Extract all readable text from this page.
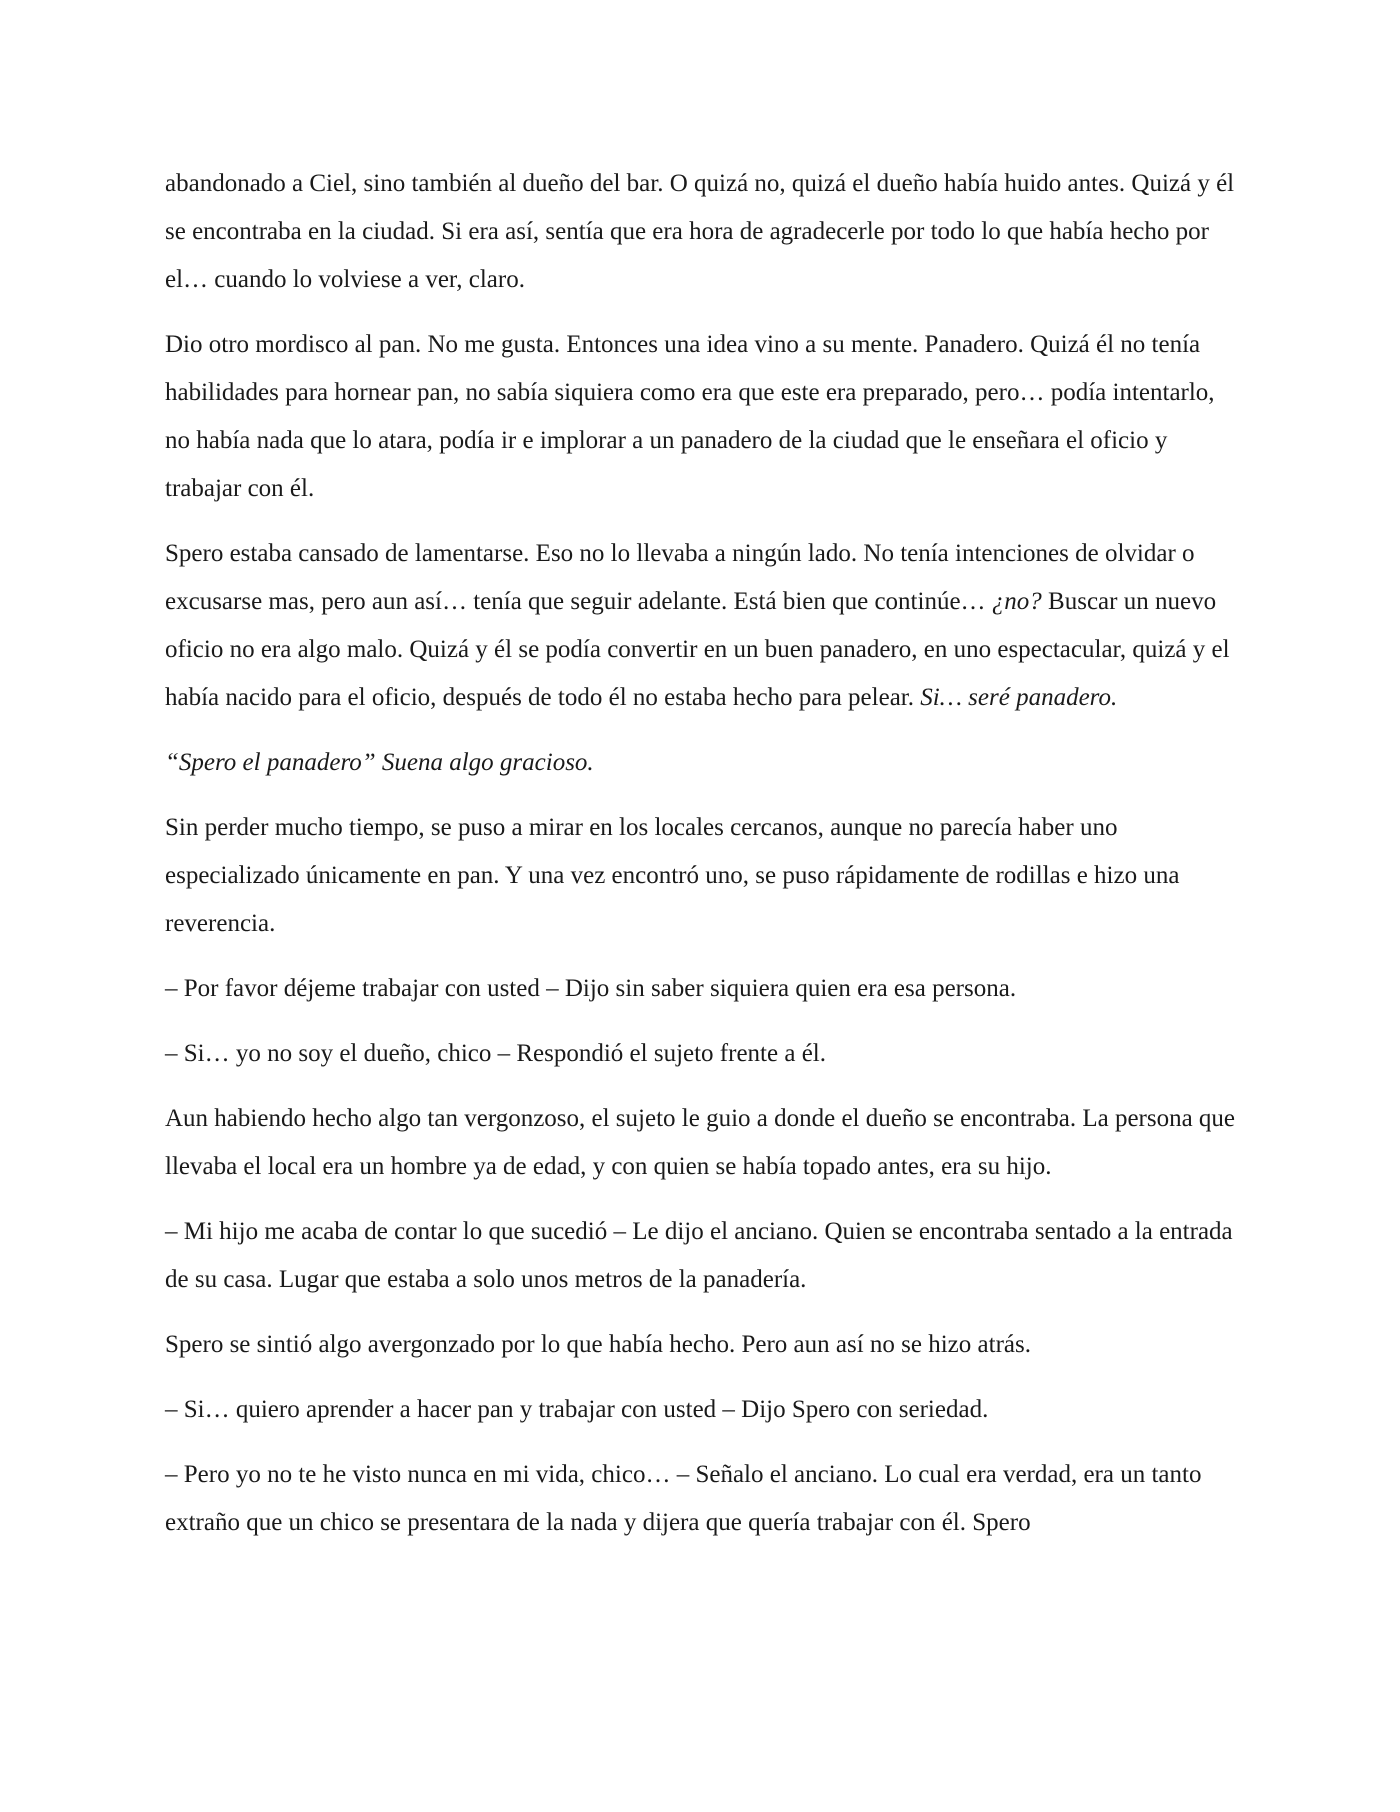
abandonado a Ciel, sino también al dueño del bar. O quizá no, quizá el dueño había huido antes. Quizá y él se encontraba en la ciudad. Si era así, sentía que era hora de agradecerle por todo lo que había hecho por el… cuando lo volviese a ver, claro.

Dio otro mordisco al pan. No me gusta. Entonces una idea vino a su mente. Panadero. Quizá él no tenía habilidades para hornear pan, no sabía siquiera como era que este era preparado, pero… podía intentarlo, no había nada que lo atara, podía ir e implorar a un panadero de la ciudad que le enseñara el oficio y trabajar con él.

Spero estaba cansado de lamentarse. Eso no lo llevaba a ningún lado. No tenía intenciones de olvidar o excusarse mas, pero aun así… tenía que seguir adelante. Está bien que continúe… ¿no? Buscar un nuevo oficio no era algo malo. Quizá y él se podía convertir en un buen panadero, en uno espectacular, quizá y el había nacido para el oficio, después de todo él no estaba hecho para pelear. Si… seré panadero.

“Spero el panadero” Suena algo gracioso.

Sin perder mucho tiempo, se puso a mirar en los locales cercanos, aunque no parecía haber uno especializado únicamente en pan. Y una vez encontró uno, se puso rápidamente de rodillas e hizo una reverencia.

– Por favor déjeme trabajar con usted – Dijo sin saber siquiera quien era esa persona.

– Si… yo no soy el dueño, chico – Respondió el sujeto frente a él.

Aun habiendo hecho algo tan vergonzoso, el sujeto le guio a donde el dueño se encontraba. La persona que llevaba el local era un hombre ya de edad, y con quien se había topado antes, era su hijo.

– Mi hijo me acaba de contar lo que sucedió – Le dijo el anciano. Quien se encontraba sentado a la entrada de su casa. Lugar que estaba a solo unos metros de la panadería.

Spero se sintió algo avergonzado por lo que había hecho. Pero aun así no se hizo atrás.

– Si… quiero aprender a hacer pan y trabajar con usted – Dijo Spero con seriedad.

– Pero yo no te he visto nunca en mi vida, chico… – Señalo el anciano. Lo cual era verdad, era un tanto extraño que un chico se presentara de la nada y dijera que quería trabajar con él. Spero
